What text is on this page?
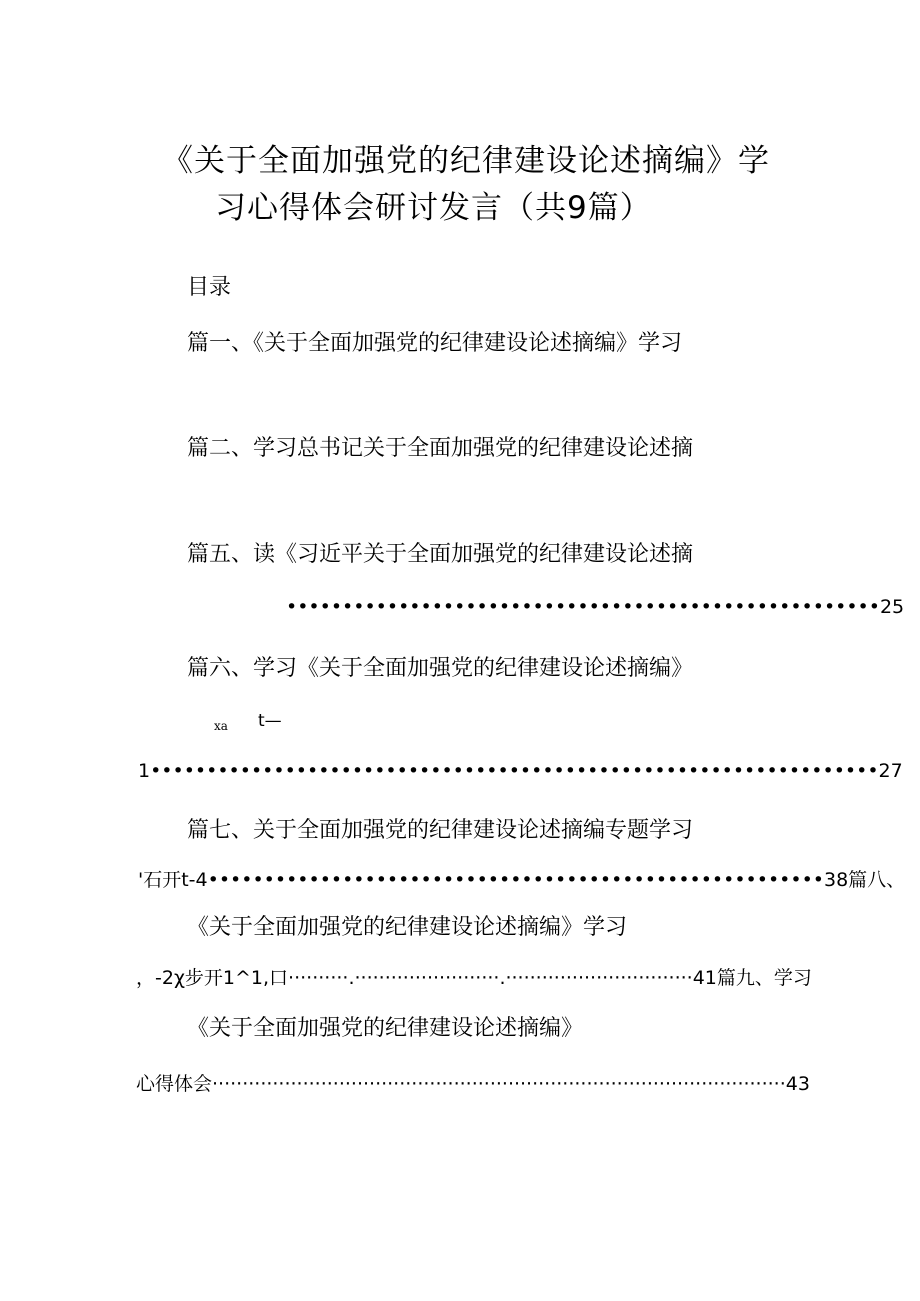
《关于全面加强党的纪律建设论述摘编》学
习心得体会研讨发言（共9篇）
目录
篇一、《关于全面加强党的纪律建设论述摘编》学习
篇二、学习总书记关于全面加强党的纪律建设论述摘
篇五、读《习近平关于全面加强党的纪律建设论述摘
•••••••••••••••••••••••••••••••••••••••••••••••••••••25
篇六、学习《关于全面加强党的纪律建设论述摘编》
xa t—
1•••••••••••••••••••••••••••••••••••••••••••••••••••••••••••••••••27
篇七、关于全面加强党的纪律建设论述摘编专题学习
'石开t-4•••••••••••••••••••••••••••••••••••••••••••••••••••••••38篇八、
《关于全面加强党的纪律建设论述摘编》学习
，-2χ步开1^1,口··········.························.·······························41篇九、学习
《关于全面加强党的纪律建设论述摘编》
心得体会·······························································································43
